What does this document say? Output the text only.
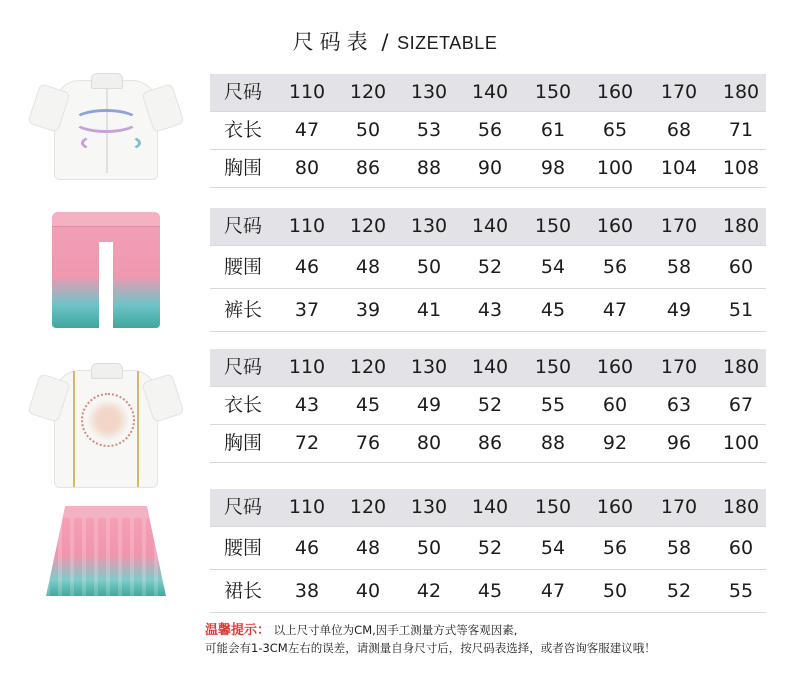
尺码表 / SIZETABLE
尺码	110	120	130	140	150	160	170	180
衣长	47	50	53	56	61	65	68	71
胸围	80	86	88	90	98	100	104	108
尺码	110	120	130	140	150	160	170	180
腰围	46	48	50	52	54	56	58	60
裤长	37	39	41	43	45	47	49	51
尺码	110	120	130	140	150	160	170	180
衣长	43	45	49	52	55	60	63	67
胸围	72	76	80	86	88	92	96	100
尺码	110	120	130	140	150	160	170	180
腰围	46	48	50	52	54	56	58	60
裙长	38	40	42	45	47	50	52	55
温馨提示： 以上尺寸单位为CM,因手工测量方式等客观因素,
可能会有1-3CM左右的误差，请测量自身尺寸后，按尺码表选择，或者咨询客服建议哦！
